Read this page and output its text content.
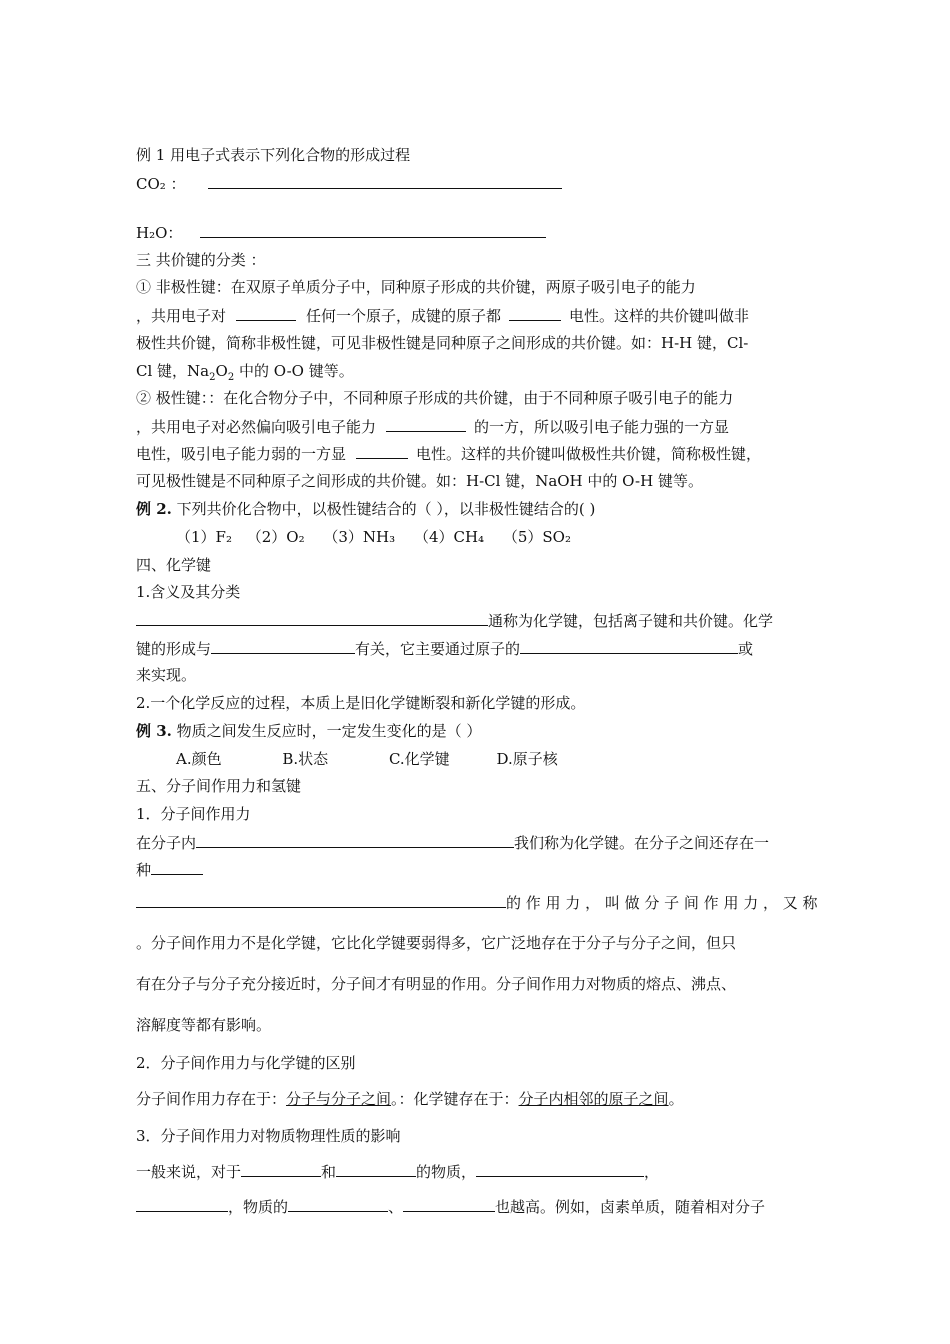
例 1 用电子式表示下列化合物的形成过程
CO₂ ：
H₂O：
三 共价键的分类 ：
① 非极性键：在双原子单质分子中，同种原子形成的共价键，两原子吸引电子的能力
，共用电子对	任何一个原子，成键的原子都	电性。这样的共价键叫做非
极性共价键，简称非极性键，可见非极性键是同种原子之间形成的共价键。如：H-H 键，Cl-
Cl 键，$Na_2O_2$ 中的 O-O 键等。
② 极性键：：在化合物分子中，不同种原子形成的共价键，由于不同种原子吸引电子的能力
，共用电子对必然偏向吸引电子能力	的一方，所以吸引电子能力强的一方显
电性，吸引电子能力弱的一方显	电性。这样的共价键叫做极性共价键，简称极性键，
可见极性键是不同种原子之间形成的共价键。如：H-Cl 键，NaOH 中的 O-H 键等。
例 2. 下列共价化合物中，以极性键结合的（ ），以非极性键结合的( )
（1）F₂ （2）O₂ （3）NH₃ （4）CH₄ （5）SO₂
四、化学键
1.含义及其分类
通称为化学键，包括离子键和共价键。化学
键的形成与	有关，它主要通过原子的	或
来实现。
2.一个化学反应的过程，本质上是旧化学键断裂和新化学键的形成。
例 3. 物质之间发生反应时，一定发生变化的是（ ）
A.颜色	B.状态	C.化学键	D.原子核
五、分子间作用力和氢键
1．分子间作用力
在分子内	我们称为化学键。在分子之间还存在一
种
的 作 用 力 ， 叫 做 分 子 间 作 用 力 ， 又 称
。分子间作用力不是化学键，它比化学键要弱得多，它广泛地存在于分子与分子之间，但只
有在分子与分子充分接近时，分子间才有明显的作用。分子间作用力对物质的熔点、沸点、
溶解度等都有影响。
2．分子间作用力与化学键的区别
分子间作用力存在于：分子与分子之间。：化学键存在于：分子内相邻的原子之间。
3．分子间作用力对物质物理性质的影响
一般来说，对于	和	的物质，	，
，物质的	、	也越高。例如，卤素单质，随着相对分子
